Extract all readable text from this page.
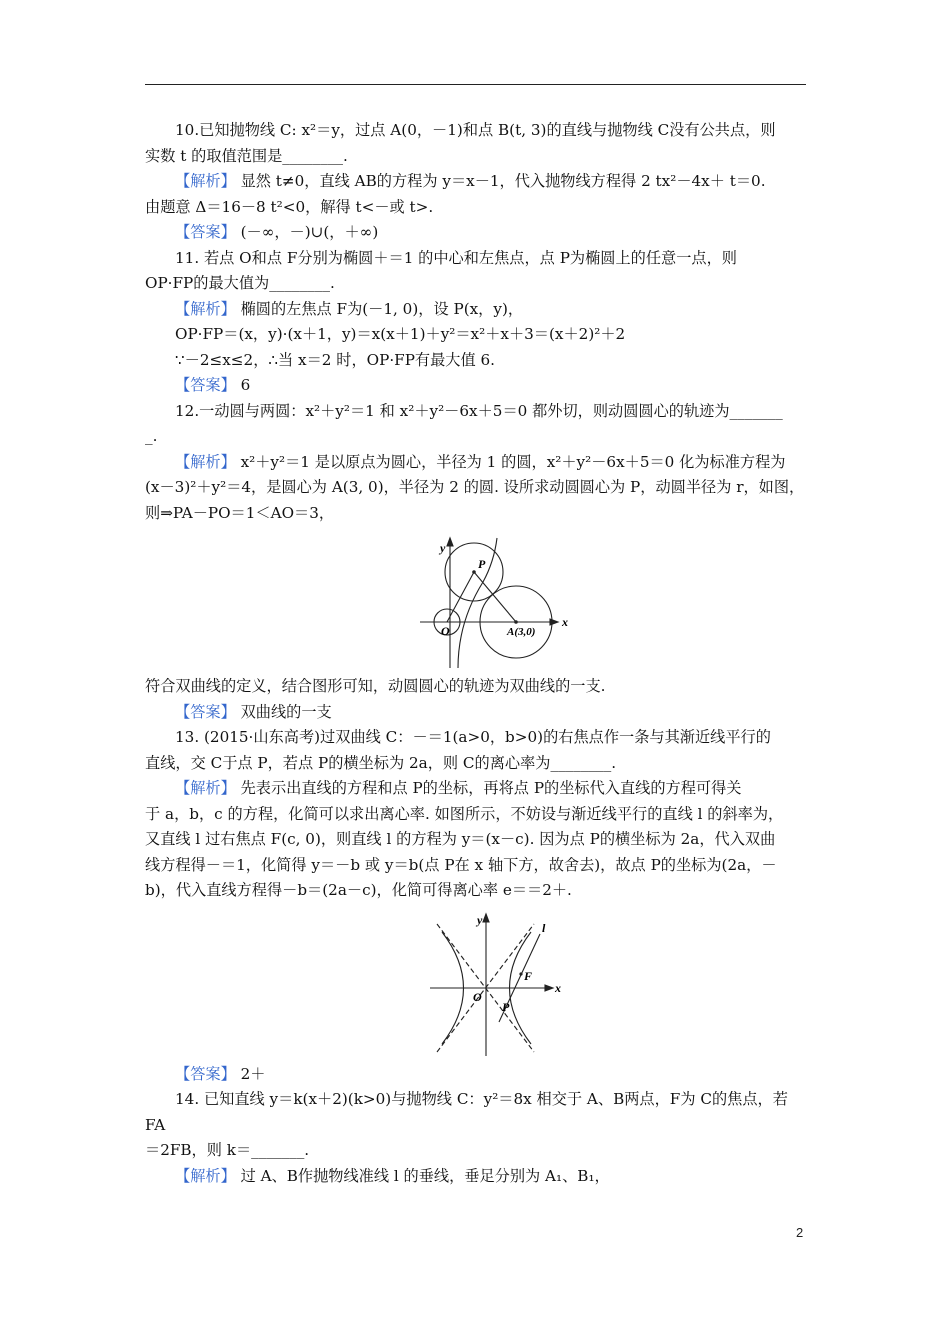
10.已知抛物线 C: x²＝y，过点 A(0，－1)和点 B(t, 3)的直线与抛物线 C没有公共点，则

实数 t 的取值范围是________.

【解析】 显然 t≠0，直线 AB的方程为 y＝x－1，代入抛物线方程得 2 tx²－4x＋ t＝0.

由题意 Δ＝16－8 t²<0，解得 t<－或 t>.

【答案】 (－∞，－)∪(，＋∞)

11. 若点 O和点 F分别为椭圆＋＝1 的中心和左焦点，点 P为椭圆上的任意一点，则

OP·FP的最大值为________.

【解析】 椭圆的左焦点 F为(－1, 0)，设 P(x，y)，

OP·FP＝(x，y)·(x＋1，y)＝x(x＋1)＋y²＝x²＋x＋3＝(x＋2)²＋2

∵－2≤x≤2，∴当 x＝2 时，OP·FP有最大值 6.

【答案】 6

12.一动圆与两圆：x²＋y²＝1 和 x²＋y²－6x＋5＝0 都外切，则动圆圆心的轨迹为_______

_.

【解析】 x²＋y²＝1 是以原点为圆心，半径为 1 的圆，x²＋y²－6x＋5＝0 化为标准方程为

(x－3)²＋y²＝4，是圆心为 A(3, 0)，半径为 2 的圆. 设所求动圆圆心为 P，动圆半径为 r，如图，

则⇒PA－PO＝1＜AO＝3，

y
x
P
O	A(3,0)

符合双曲线的定义，结合图形可知，动圆圆心的轨迹为双曲线的一支.

【答案】 双曲线的一支

13. (2015·山东高考)过双曲线 C：－＝1(a>0，b>0)的右焦点作一条与其渐近线平行的

直线，交 C于点 P，若点 P的横坐标为 2a，则 C的离心率为________.

【解析】 先表示出直线的方程和点 P的坐标，再将点 P的坐标代入直线的方程可得关

于 a，b，c 的方程，化简可以求出离心率. 如图所示，不妨设与渐近线平行的直线 l 的斜率为，

又直线 l 过右焦点 F(c, 0)，则直线 l 的方程为 y＝(x－c). 因为点 P的横坐标为 2a，代入双曲

线方程得－＝1，化简得 y＝－b 或 y＝b(点 P在 x 轴下方，故舍去)，故点 P的坐标为(2a，－

b)，代入直线方程得－b＝(2a－c)，化简可得离心率 e＝＝2＋.

l
y
x
F
O
P

【答案】 2＋

14. 已知直线 y＝k(x＋2)(k>0)与抛物线 C：y²＝8x 相交于 A、B两点，F为 C的焦点，若 FA

＝2FB，则 k＝_______.

【解析】 过 A、B作抛物线准线 l 的垂线，垂足分别为 A₁、B₁，

2
